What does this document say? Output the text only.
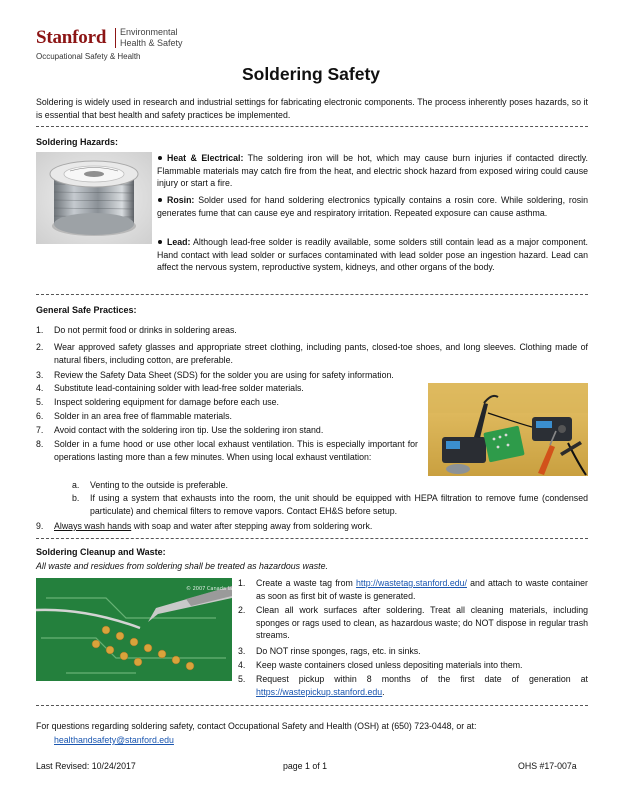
Stanford Environmental
Health & Safety
Occupational Safety & Health
Soldering Safety
Soldering is widely used in research and industrial settings for fabricating electronic components. The process inherently poses hazards, so it is essential that best health and safety practices be implemented.
Soldering Hazards:
Heat & Electrical: The soldering iron will be hot, which may cause burn injuries if contacted directly. Flammable materials may catch fire from the heat, and electric shock hazard from exposed wiring could cause injury or start a fire.
Rosin: Solder used for hand soldering electronics typically contains a rosin core. While soldering, rosin generates fume that can cause eye and respiratory irritation. Repeated exposure can cause asthma.
Lead: Although lead-free solder is readily available, some solders still contain lead as a major component. Hand contact with lead solder or surfaces contaminated with lead solder pose an ingestion hazard. Lead can affect the nervous system, reproductive system, kidneys, and other organs of the body.
General Safe Practices:
1. Do not permit food or drinks in soldering areas.
2. Wear approved safety glasses and appropriate street clothing, including pants, closed-toe shoes, and long sleeves. Clothing made of natural fibers, including cotton, are preferable.
3. Review the Safety Data Sheet (SDS) for the solder you are using for safety information.
4. Substitute lead-containing solder with lead-free solder materials.
5. Inspect soldering equipment for damage before each use.
6. Solder in an area free of flammable materials.
7. Avoid contact with the soldering iron tip. Use the soldering iron stand.
8. Solder in a fume hood or use other local exhaust ventilation. This is especially important for operations lasting more than a few minutes. When using local exhaust ventilation:
a. Venting to the outside is preferable.
b. If using a system that exhausts into the room, the unit should be equipped with HEPA filtration to remove fume (condensed particulate) and chemical filters to remove vapors. Contact EH&S before setup.
9. Always wash hands with soap and water after stepping away from soldering work.
Soldering Cleanup and Waste:
All waste and residues from soldering shall be treated as hazardous waste.
© 2007 Canada Iamaicius.com
1. Create a waste tag from http://wastetag.stanford.edu/ and attach to waste container as soon as first bit of waste is generated.
2. Clean all work surfaces after soldering. Treat all cleaning materials, including sponges or rags used to clean, as hazardous waste; do NOT dispose in regular trash streams.
3. Do NOT rinse sponges, rags, etc. in sinks.
4. Keep waste containers closed unless depositing materials into them.
5. Request pickup within 8 months of the first date of generation at https://wastepickup.stanford.edu.
For questions regarding soldering safety, contact Occupational Safety and Health (OSH) at (650) 723-0448, or at:
healthandsafety@stanford.edu
Last Revised: 10/24/2017	page 1 of 1	OHS #17-007a
